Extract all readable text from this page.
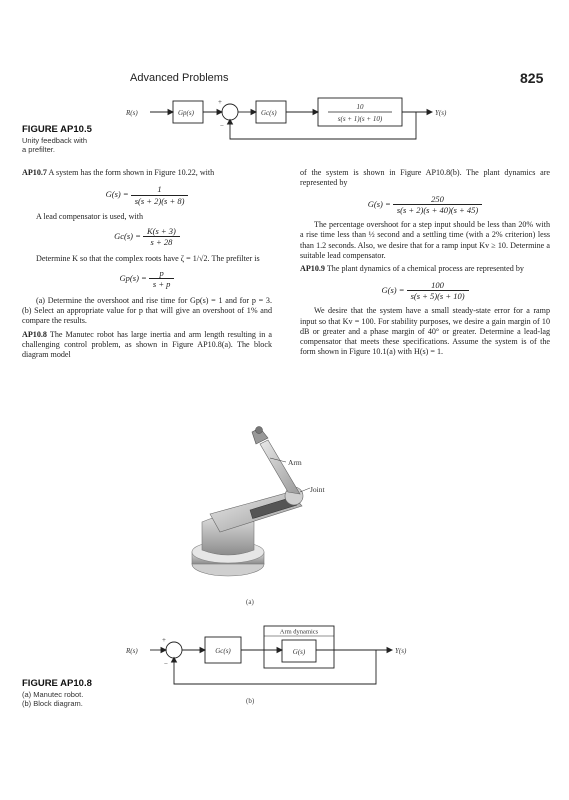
Advanced Problems	825
R(s)	Gp(s)	Gc(s)
10
s(s + 1)(s + 10)
Y(s)
+
−
FIGURE AP10.5
Unity feedback with
a prefilter.

AP10.7 A system has the form shown in Figure 10.22, with

$G(s) = \frac{1}{s(s + 2)(s + 8)}$

A lead compensator is used, with

$Gc(s) = \frac{K(s + 3)}{s + 28}$

Determine K so that the complex roots have ζ = 1/√2. The prefilter is

$Gp(s) = \frac{p}{s + p}$

(a) Determine the overshoot and rise time for Gp(s) = 1 and for p = 3. (b) Select an appropriate value for p that will give an overshoot of 1% and compare the results.

AP10.8 The Manutec robot has large inertia and arm length resulting in a challenging control problem, as shown in Figure AP10.8(a). The block diagram model

of the system is shown in Figure AP10.8(b). The plant dynamics are represented by

$G(s) = \frac{250}{s(s + 2)(s + 40)(s + 45)}$

The percentage overshoot for a step input should be less than 20% with a rise time less than ½ second and a settling time (with a 2% criterion) less than 1.2 seconds. Also, we desire that for a ramp input Kv ≥ 10. Determine a suitable lead compensator.

AP10.9 The plant dynamics of a chemical process are represented by

$G(s) = \frac{100}{s(s + 5)(s + 10)}$

We desire that the system have a small steady-state error for a ramp input so that Kv = 100. For stability purposes, we desire a gain margin of 10 dB or greater and a phase margin of 40° or greater. Determine a lead-lag compensator that meets these specifications. Assume the system is of the form shown in Figure 10.1(a) with H(s) = 1.

Arm
Joint
(a)
R(s)
+
−
Gc(s)
Arm dynamics
G(s)	Y(s)
(b)
FIGURE AP10.8
(a) Manutec robot.
(b) Block diagram.
